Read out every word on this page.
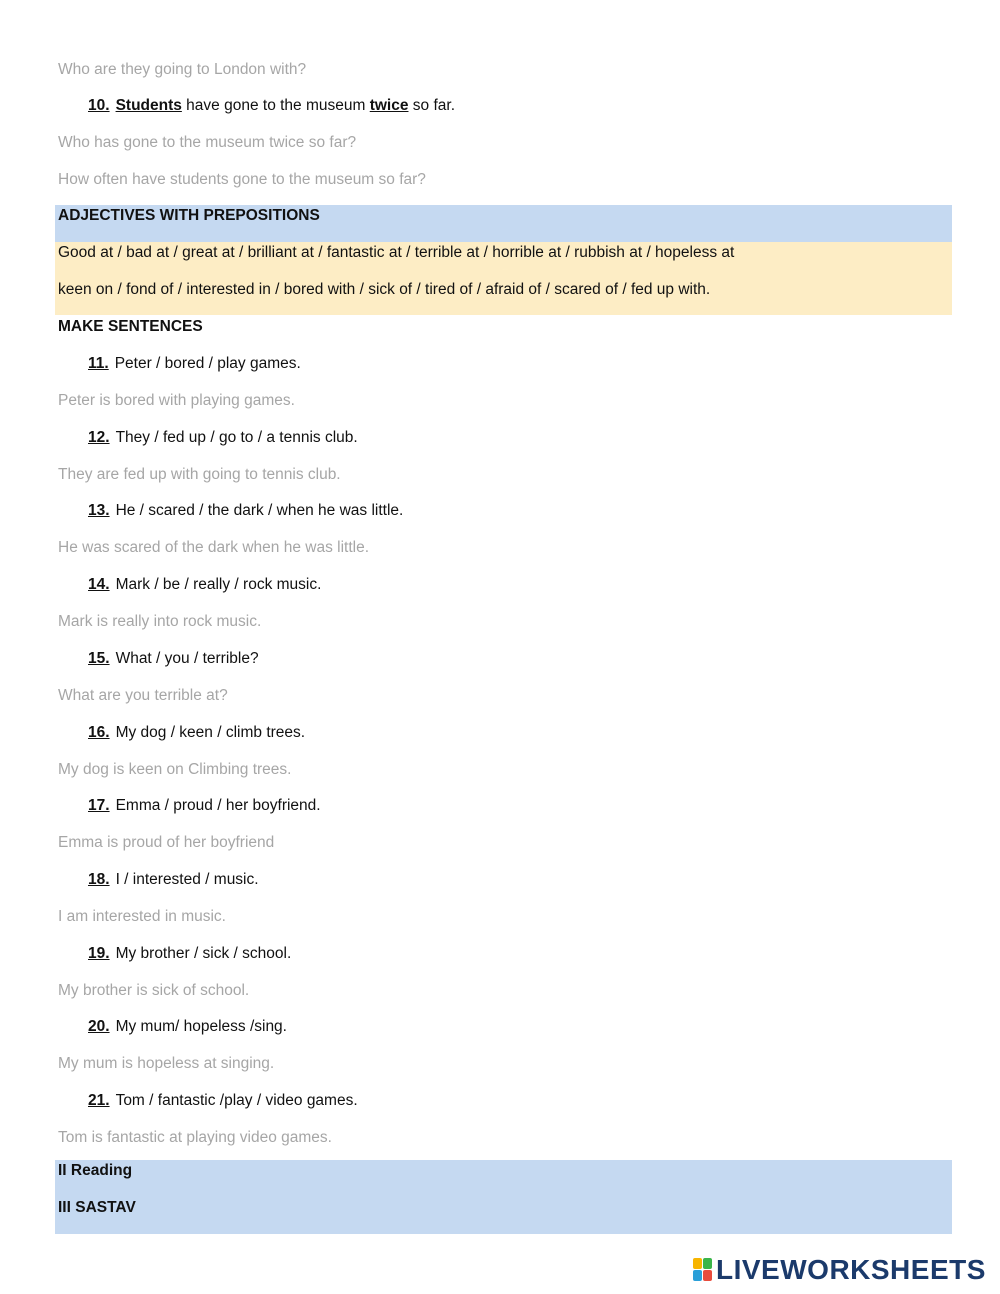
Who are they going to London with?
10. Students have gone to the museum twice so far.
Who has gone to the museum twice so far?
How often have students gone to the museum so far?
ADJECTIVES WITH PREPOSITIONS
Good at / bad at / great at / brilliant at / fantastic at / terrible at / horrible at / rubbish at / hopeless at
keen on / fond of / interested in / bored with / sick of / tired of / afraid of / scared of / fed up with.
MAKE SENTENCES
11. Peter / bored / play games.
Peter is bored with playing games.
12. They / fed up / go to / a tennis club.
They are fed up with going to tennis club.
13. He / scared / the dark / when he was little.
He was scared of the dark when he was little.
14. Mark / be / really / rock music.
Mark is really into rock music.
15. What / you / terrible?
What are you terrible at?
16. My dog / keen / climb trees.
My dog is keen on Climbing trees.
17. Emma / proud / her boyfriend.
Emma is proud of her boyfriend
18. I / interested / music.
I am interested in music.
19. My brother / sick / school.
My brother is sick of school.
20. My mum/ hopeless /sing.
My mum is hopeless at singing.
21. Tom / fantastic /play / video games.
Tom is fantastic at playing video games.
II Reading
III SASTAV
LIVEWORKSHEETS
